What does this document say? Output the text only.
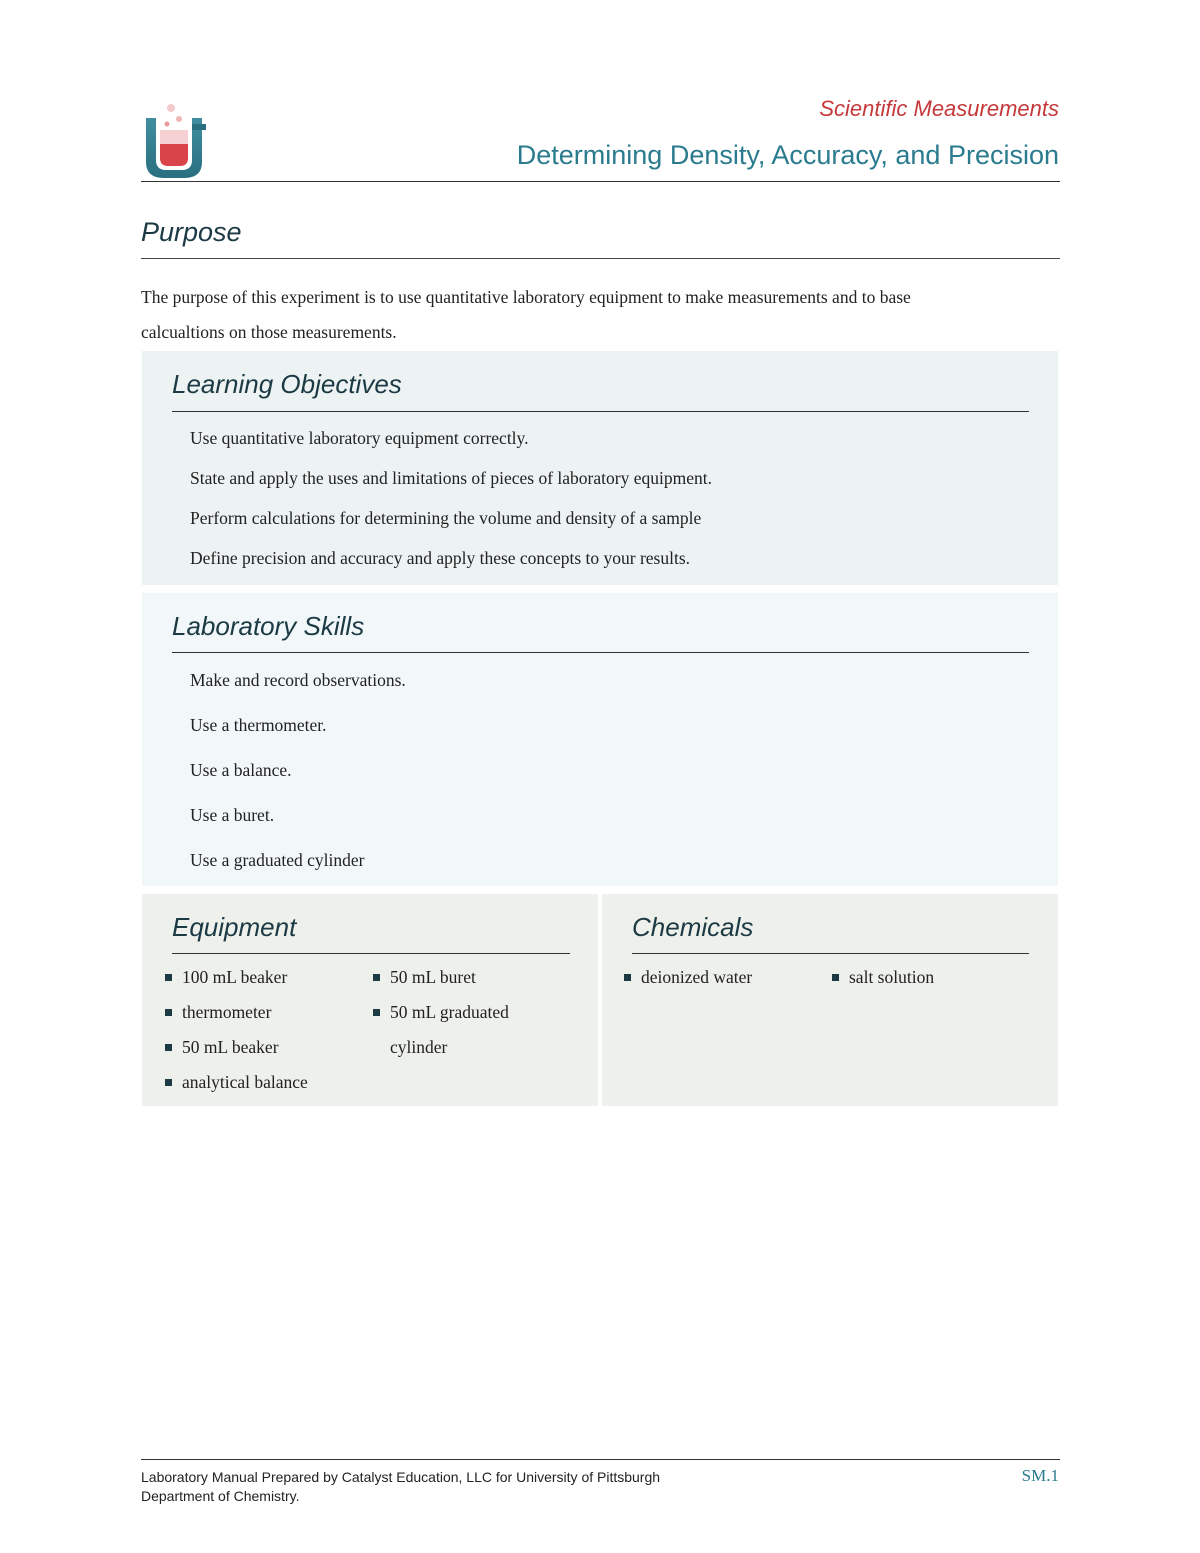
Scientific Measurements
Determining Density, Accuracy, and Precision
Purpose
The purpose of this experiment is to use quantitative laboratory equipment to make measurements and to base
calcualtions on those measurements.
Learning Objectives
Use quantitative laboratory equipment correctly.
State and apply the uses and limitations of pieces of laboratory equipment.
Perform calculations for determining the volume and density of a sample
Define precision and accuracy and apply these concepts to your results.
Laboratory Skills
Make and record observations.
Use a thermometer.
Use a balance.
Use a buret.
Use a graduated cylinder
Equipment
100 mL beaker
thermometer
50 mL beaker
analytical balance
50 mL buret
50 mL graduated cylinder
Chemicals
deionized water	salt solution
Laboratory Manual Prepared by Catalyst Education, LLC for University of Pittsburgh
Department of Chemistry.
SM.1
